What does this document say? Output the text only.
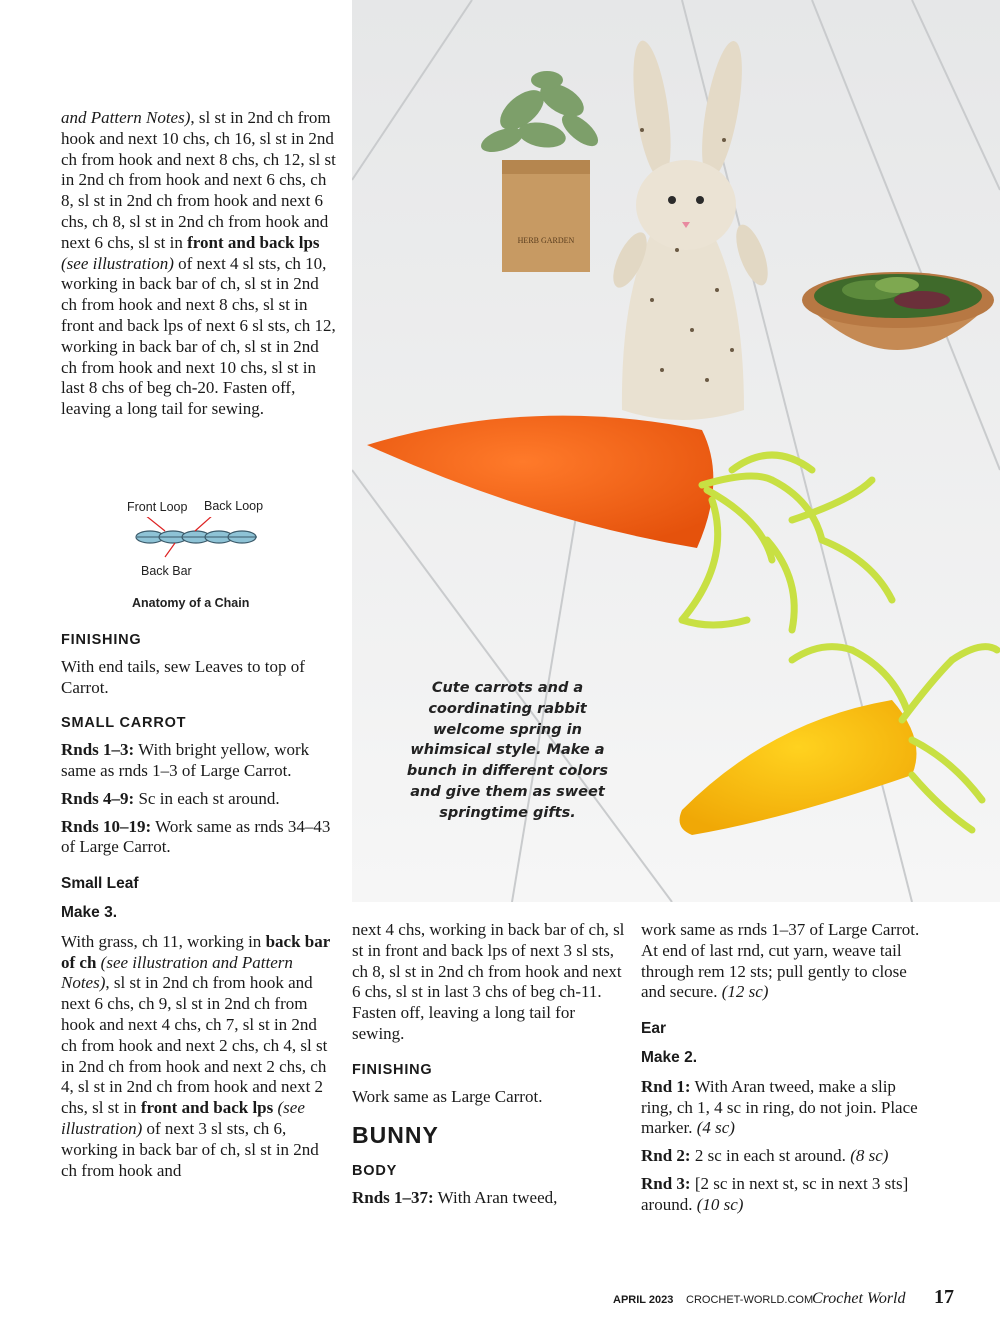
HERB GARDEN
Cute carrots and a coordinating rabbit welcome spring in whimsical style. Make a bunch in different colors and give them as sweet springtime gifts.

and Pattern Notes), sl st in 2nd ch from hook and next 10 chs, ch 16, sl st in 2nd ch from hook and next 8 chs, ch 12, sl st in 2nd ch from hook and next 6 chs, ch 8, sl st in 2nd ch from hook and next 6 chs, ch 8, sl st in 2nd ch from hook and next 6 chs, sl st in front and back lps (see illustration) of next 4 sl sts, ch 10, working in back bar of ch, sl st in 2nd ch from hook and next 8 chs, sl st in front and back lps of next 6 sl sts, ch 12, working in back bar of ch, sl st in 2nd ch from hook and next 10 chs, sl st in last 8 chs of beg ch-20. Fasten off, leaving a long tail for sewing.

FINISHING

With end tails, sew Leaves to top of Carrot.

SMALL CARROT

Rnds 1–3: With bright yellow, work same as rnds 1–3 of Large Carrot.

Rnds 4–9: Sc in each st around.

Rnds 10–19: Work same as rnds 34–43 of Large Carrot.

Small Leaf
Make 3.

With grass, ch 11, working in back bar of ch (see illustration and Pattern Notes), sl st in 2nd ch from hook and next 6 chs, ch 9, sl st in 2nd ch from hook and next 4 chs, ch 7, sl st in 2nd ch from hook and next 2 chs, ch 4, sl st in 2nd ch from hook and next 2 chs, ch 4, sl st in 2nd ch from hook and next 2 chs, sl st in front and back lps (see illustration) of next 3 sl sts, ch 6, working in back bar of ch, sl st in 2nd ch from hook and

Front Loop Back Loop
Back Bar
Anatomy of a Chain

next 4 chs, working in back bar of ch, sl st in front and back lps of next 3 sl sts, ch 8, sl st in 2nd ch from hook and next 6 chs, sl st in last 3 chs of beg ch-11. Fasten off, leaving a long tail for sewing.

FINISHING

Work same as Large Carrot.

BUNNY
BODY

Rnds 1–37: With Aran tweed,

work same as rnds 1–37 of Large Carrot. At end of last rnd, cut yarn, weave tail through rem 12 sts; pull gently to close and secure. (12 sc)

Ear
Make 2.

Rnd 1: With Aran tweed, make a slip ring, ch 1, 4 sc in ring, do not join. Place marker. (4 sc)

Rnd 2: 2 sc in each st around. (8 sc)

Rnd 3: [2 sc in next st, sc in next 3 sts] around. (10 sc)

APRIL 2023 CROCHET-WORLD.COM
Crochet World 17
